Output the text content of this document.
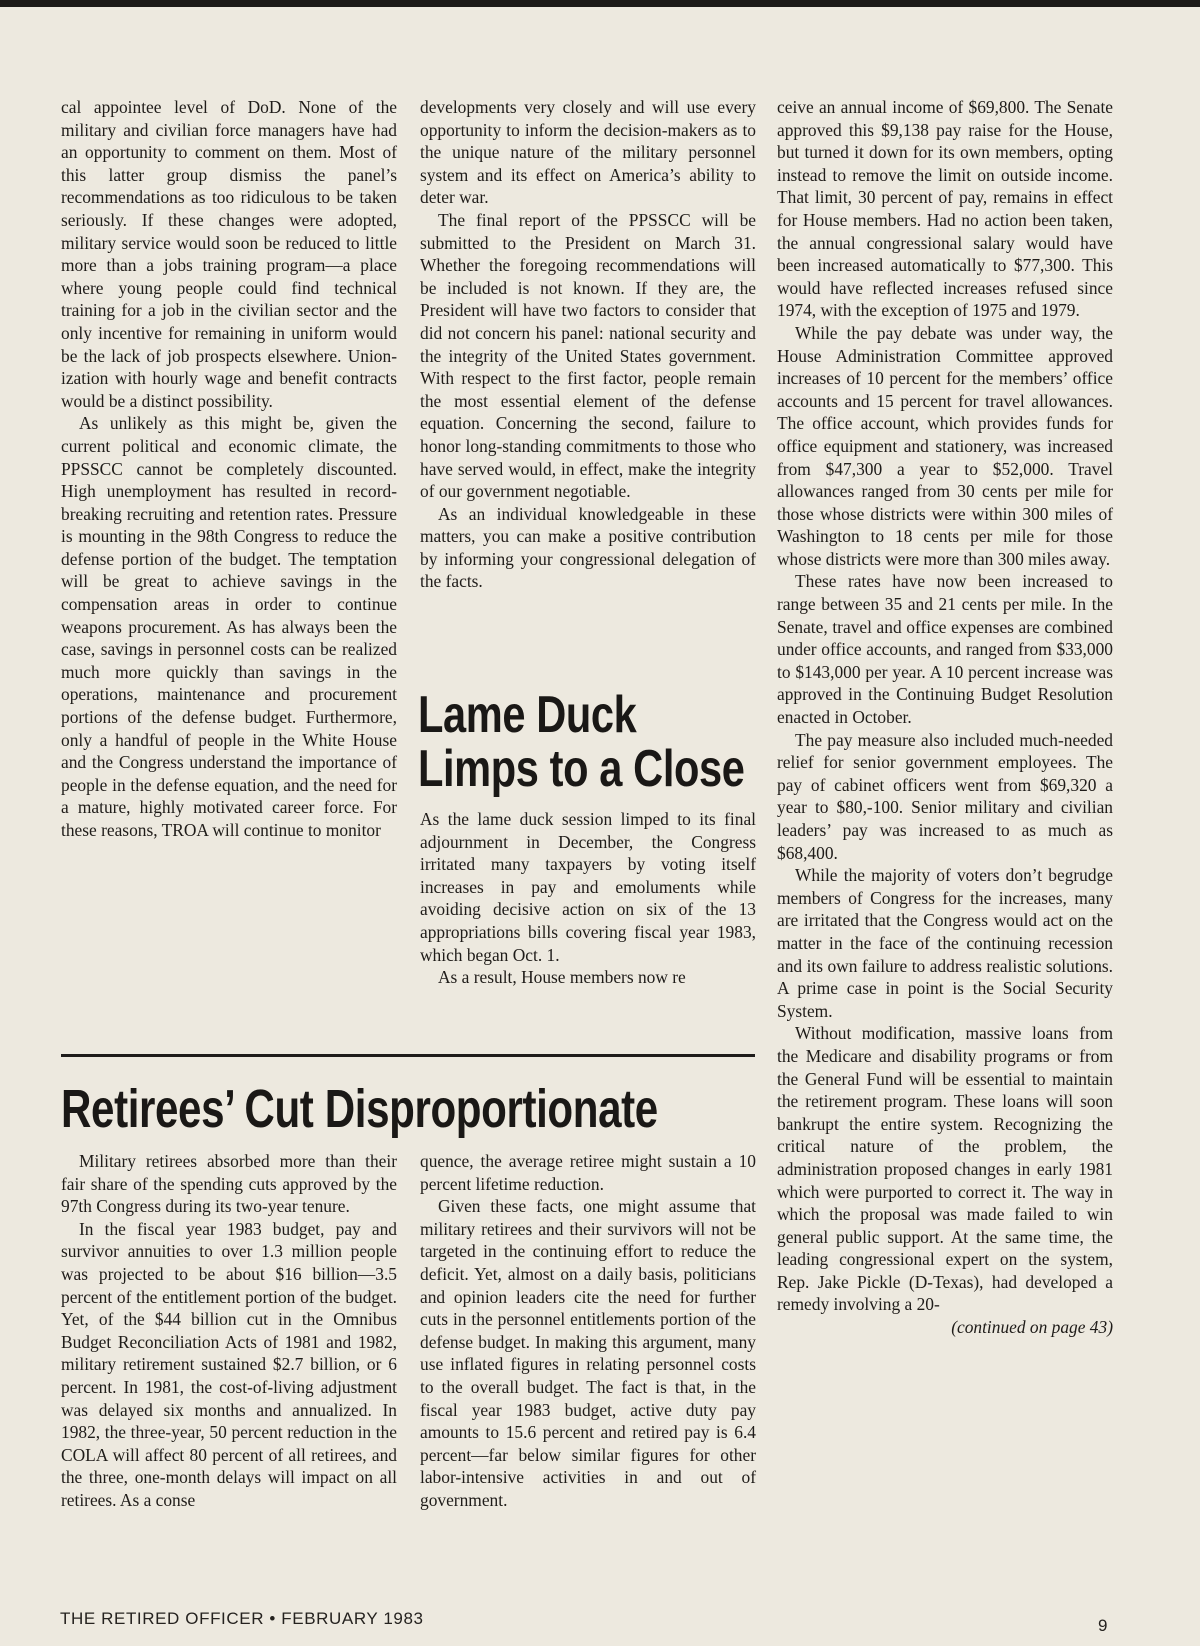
cal appointee level of DoD. None of the military and civilian force managers have had an opportunity to comment on them. Most of this latter group dismiss the panel’s recommendations as too ridiculous to be taken seriously. If these changes were adopted, military service would soon be reduced to little more than a jobs training program—a place where young people could find technical training for a job in the civilian sector and the only incentive for remaining in uniform would be the lack of job prospects elsewhere. Unionization with hourly wage and benefit contracts would be a distinct possibility.

As unlikely as this might be, given the current political and economic climate, the PPSSCC cannot be completely discounted. High unemployment has resulted in record-breaking recruiting and retention rates. Pressure is mounting in the 98th Congress to reduce the defense portion of the budget. The temptation will be great to achieve savings in the compensation areas in order to continue weapons procurement. As has always been the case, savings in personnel costs can be realized much more quickly than savings in the operations, maintenance and procurement portions of the defense budget. Furthermore, only a handful of people in the White House and the Congress understand the importance of people in the defense equation, and the need for a mature, highly motivated career force. For these reasons, TROA will continue to monitor

developments very closely and will use every opportunity to inform the decision-makers as to the unique nature of the military personnel system and its effect on America’s ability to deter war.

The final report of the PPSSCC will be submitted to the President on March 31. Whether the foregoing recommendations will be included is not known. If they are, the President will have two factors to consider that did not concern his panel: national security and the integrity of the United States government. With respect to the first factor, people remain the most essential element of the defense equation. Concerning the second, failure to honor long-standing commitments to those who have served would, in effect, make the integrity of our government negotiable.

As an individual knowledgeable in these matters, you can make a positive contribution by informing your congressional delegation of the facts.

Lame Duck
Limps to a Close

As the lame duck session limped to its final adjournment in December, the Congress irritated many taxpayers by voting itself increases in pay and emoluments while avoiding decisive action on six of the 13 appropriations bills covering fiscal year 1983, which began Oct. 1.

As a result, House members now re

Retirees’ Cut Disproportionate

Military retirees absorbed more than their fair share of the spending cuts approved by the 97th Congress during its two-year tenure.

In the fiscal year 1983 budget, pay and survivor annuities to over 1.3 million people was projected to be about $16 billion—3.5 percent of the entitlement portion of the budget. Yet, of the $44 billion cut in the Omnibus Budget Reconciliation Acts of 1981 and 1982, military retirement sustained $2.7 billion, or 6 percent. In 1981, the cost-of-living adjustment was delayed six months and annualized. In 1982, the three-year, 50 percent reduction in the COLA will affect 80 percent of all retirees, and the three, one-month delays will impact on all retirees. As a conse

quence, the average retiree might sustain a 10 percent lifetime reduction.

Given these facts, one might assume that military retirees and their survivors will not be targeted in the continuing effort to reduce the deficit. Yet, almost on a daily basis, politicians and opinion leaders cite the need for further cuts in the personnel entitlements portion of the defense budget. In making this argument, many use inflated figures in relating personnel costs to the overall budget. The fact is that, in the fiscal year 1983 budget, active duty pay amounts to 15.6 percent and retired pay is 6.4 percent—far below similar figures for other labor-intensive activities in and out of government.

ceive an annual income of $69,800. The Senate approved this $9,138 pay raise for the House, but turned it down for its own members, opting instead to remove the limit on outside income. That limit, 30 percent of pay, remains in effect for House members. Had no action been taken, the annual congressional salary would have been increased automatically to $77,300. This would have reflected increases refused since 1974, with the exception of 1975 and 1979.

While the pay debate was under way, the House Administration Committee approved increases of 10 percent for the members’ office accounts and 15 percent for travel allowances. The office account, which provides funds for office equipment and stationery, was increased from $47,300 a year to $52,000. Travel allowances ranged from 30 cents per mile for those whose districts were within 300 miles of Washington to 18 cents per mile for those whose districts were more than 300 miles away.

These rates have now been increased to range between 35 and 21 cents per mile. In the Senate, travel and office expenses are combined under office accounts, and ranged from $33,000 to $143,000 per year. A 10 percent increase was approved in the Continuing Budget Resolution enacted in October.

The pay measure also included much-needed relief for senior government employees. The pay of cabinet officers went from $69,320 a year to $80,-100. Senior military and civilian leaders’ pay was increased to as much as $68,400.

While the majority of voters don’t begrudge members of Congress for the increases, many are irritated that the Congress would act on the matter in the face of the continuing recession and its own failure to address realistic solutions. A prime case in point is the Social Security System.

Without modification, massive loans from the Medicare and disability programs or from the General Fund will be essential to maintain the retirement program. These loans will soon bankrupt the entire system. Recognizing the critical nature of the problem, the administration proposed changes in early 1981 which were purported to correct it. The way in which the proposal was made failed to win general public support. At the same time, the leading congressional expert on the system, Rep. Jake Pickle (D-Texas), had developed a remedy involving a 20-

(continued on page 43)
THE RETIRED OFFICER • FEBRUARY 1983	9
